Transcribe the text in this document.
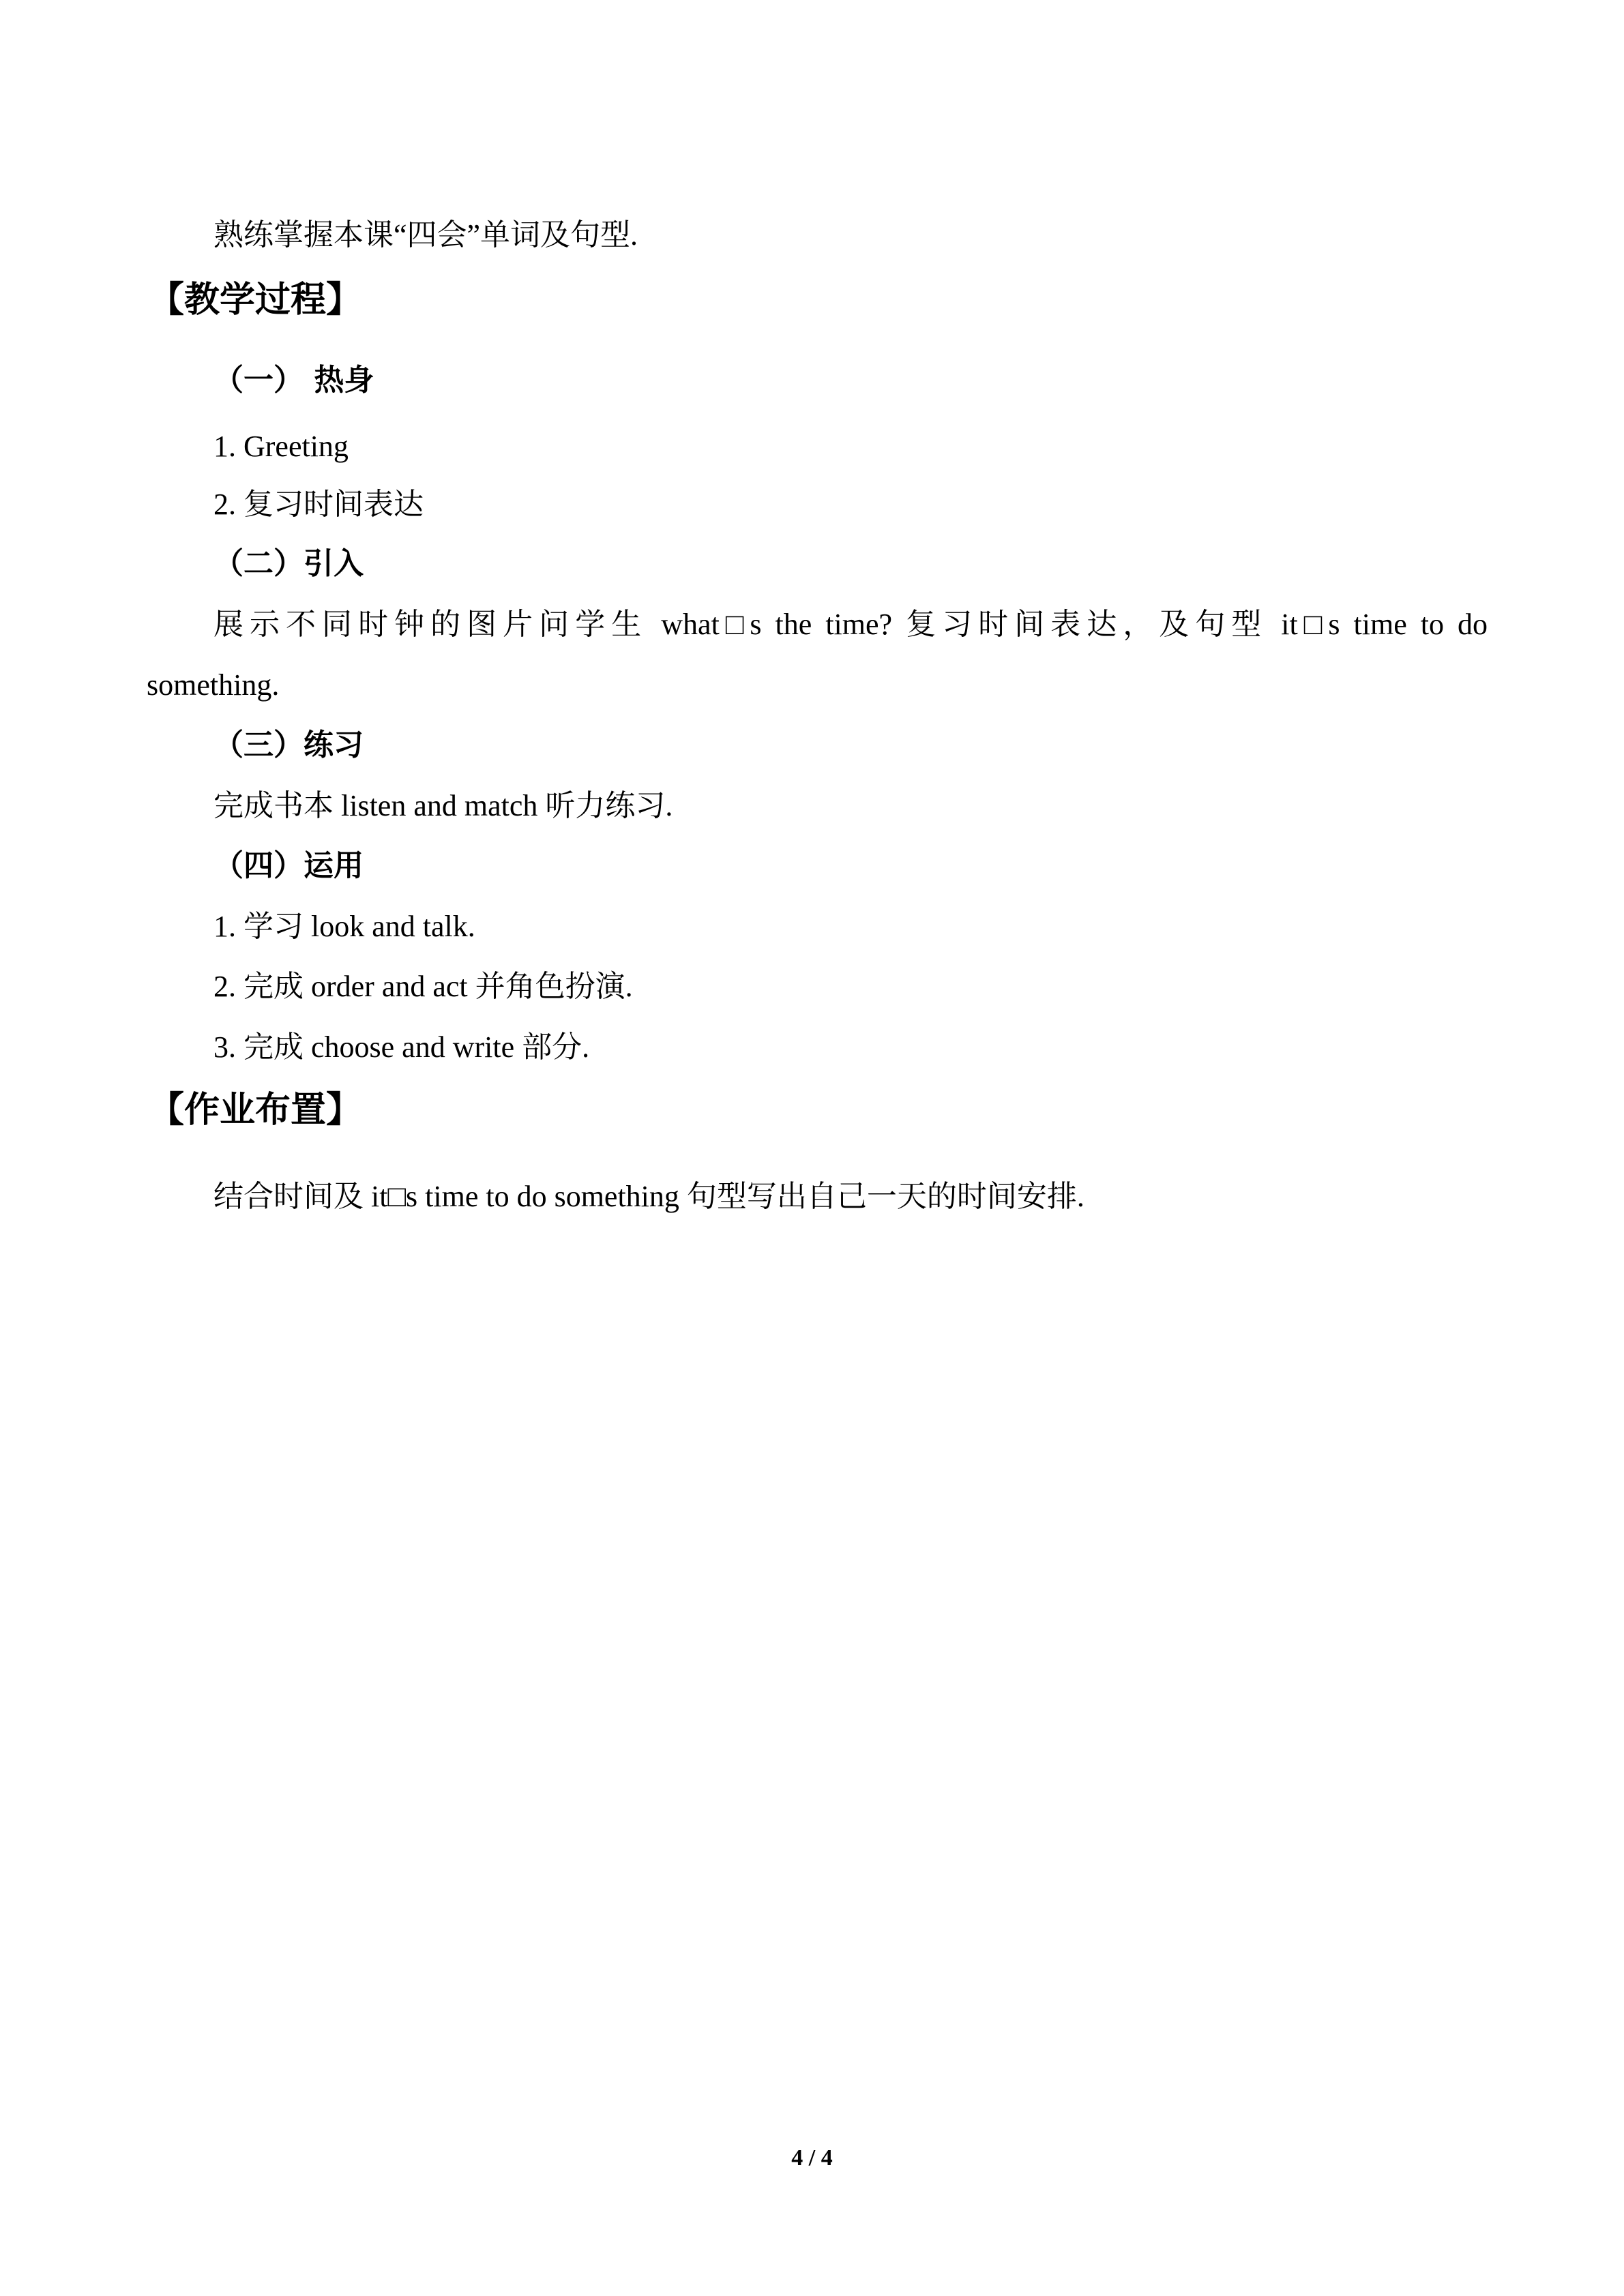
熟练掌握本课“四会”单词及句型.
【教学过程】
（一） 热身
1. Greeting
2. 复习时间表达
（二）引入
展示不同时钟的图片问学生 what□s the time? 复习时间表达，及句型 it□s time to do
something.
（三）练习
完成书本 listen and match 听力练习.
（四）运用
1. 学习 look and talk.
2. 完成 order and act 并角色扮演.
3. 完成 choose and write 部分.
【作业布置】
结合时间及 it□s time to do something 句型写出自己一天的时间安排.
4 / 4
